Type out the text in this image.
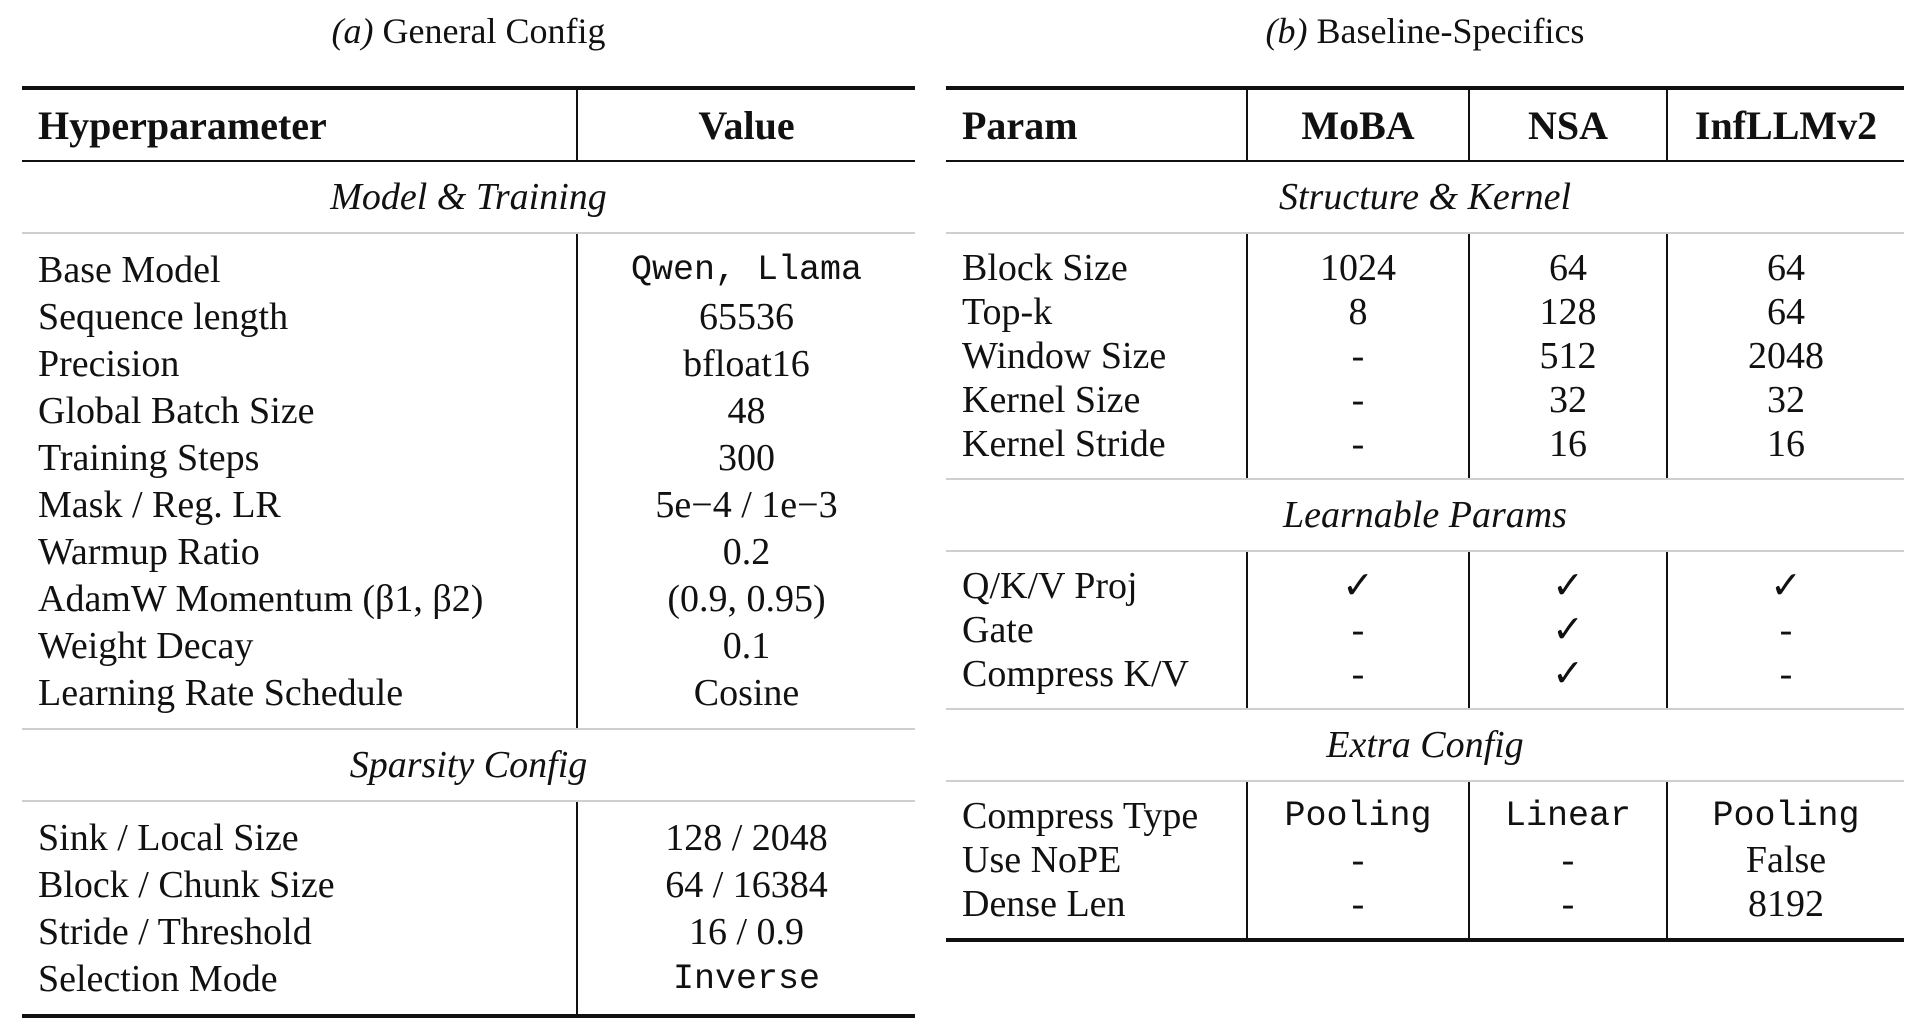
(a) General Config	(b) Baseline-Specifics
Hyperparameter	Value
Model & Training	

Base Model	Qwen, Llama
Sequence length	65536
Precision	bfloat16
Global Batch Size	48
Training Steps	300
Mask / Reg. LR	5e−4 / 1e−3
Warmup Ratio	0.2
AdamW Momentum (β1, β2)	(0.9, 0.95)
Weight Decay	0.1
Learning Rate Schedule	Cosine

Sparsity Config	

Sink / Local Size	128 / 2048
Block / Chunk Size	64 / 16384
Stride / Threshold	16 / 0.9
Selection Mode	Inverse

Param	MoBA	NSA	InfLLMv2
Structure & Kernel			

Block Size	1024	64	64
Top-k	8	128	64
Window Size	-	512	2048
Kernel Size	-	32	32
Kernel Stride	-	16	16

Learnable Params			

Q/K/V Proj	✓	✓	✓
Gate	-	✓	-
Compress K/V	-	✓	-

Extra Config			

Compress Type	Pooling	Linear	Pooling
Use NoPE	-	-	False
Dense Len	-	-	8192
